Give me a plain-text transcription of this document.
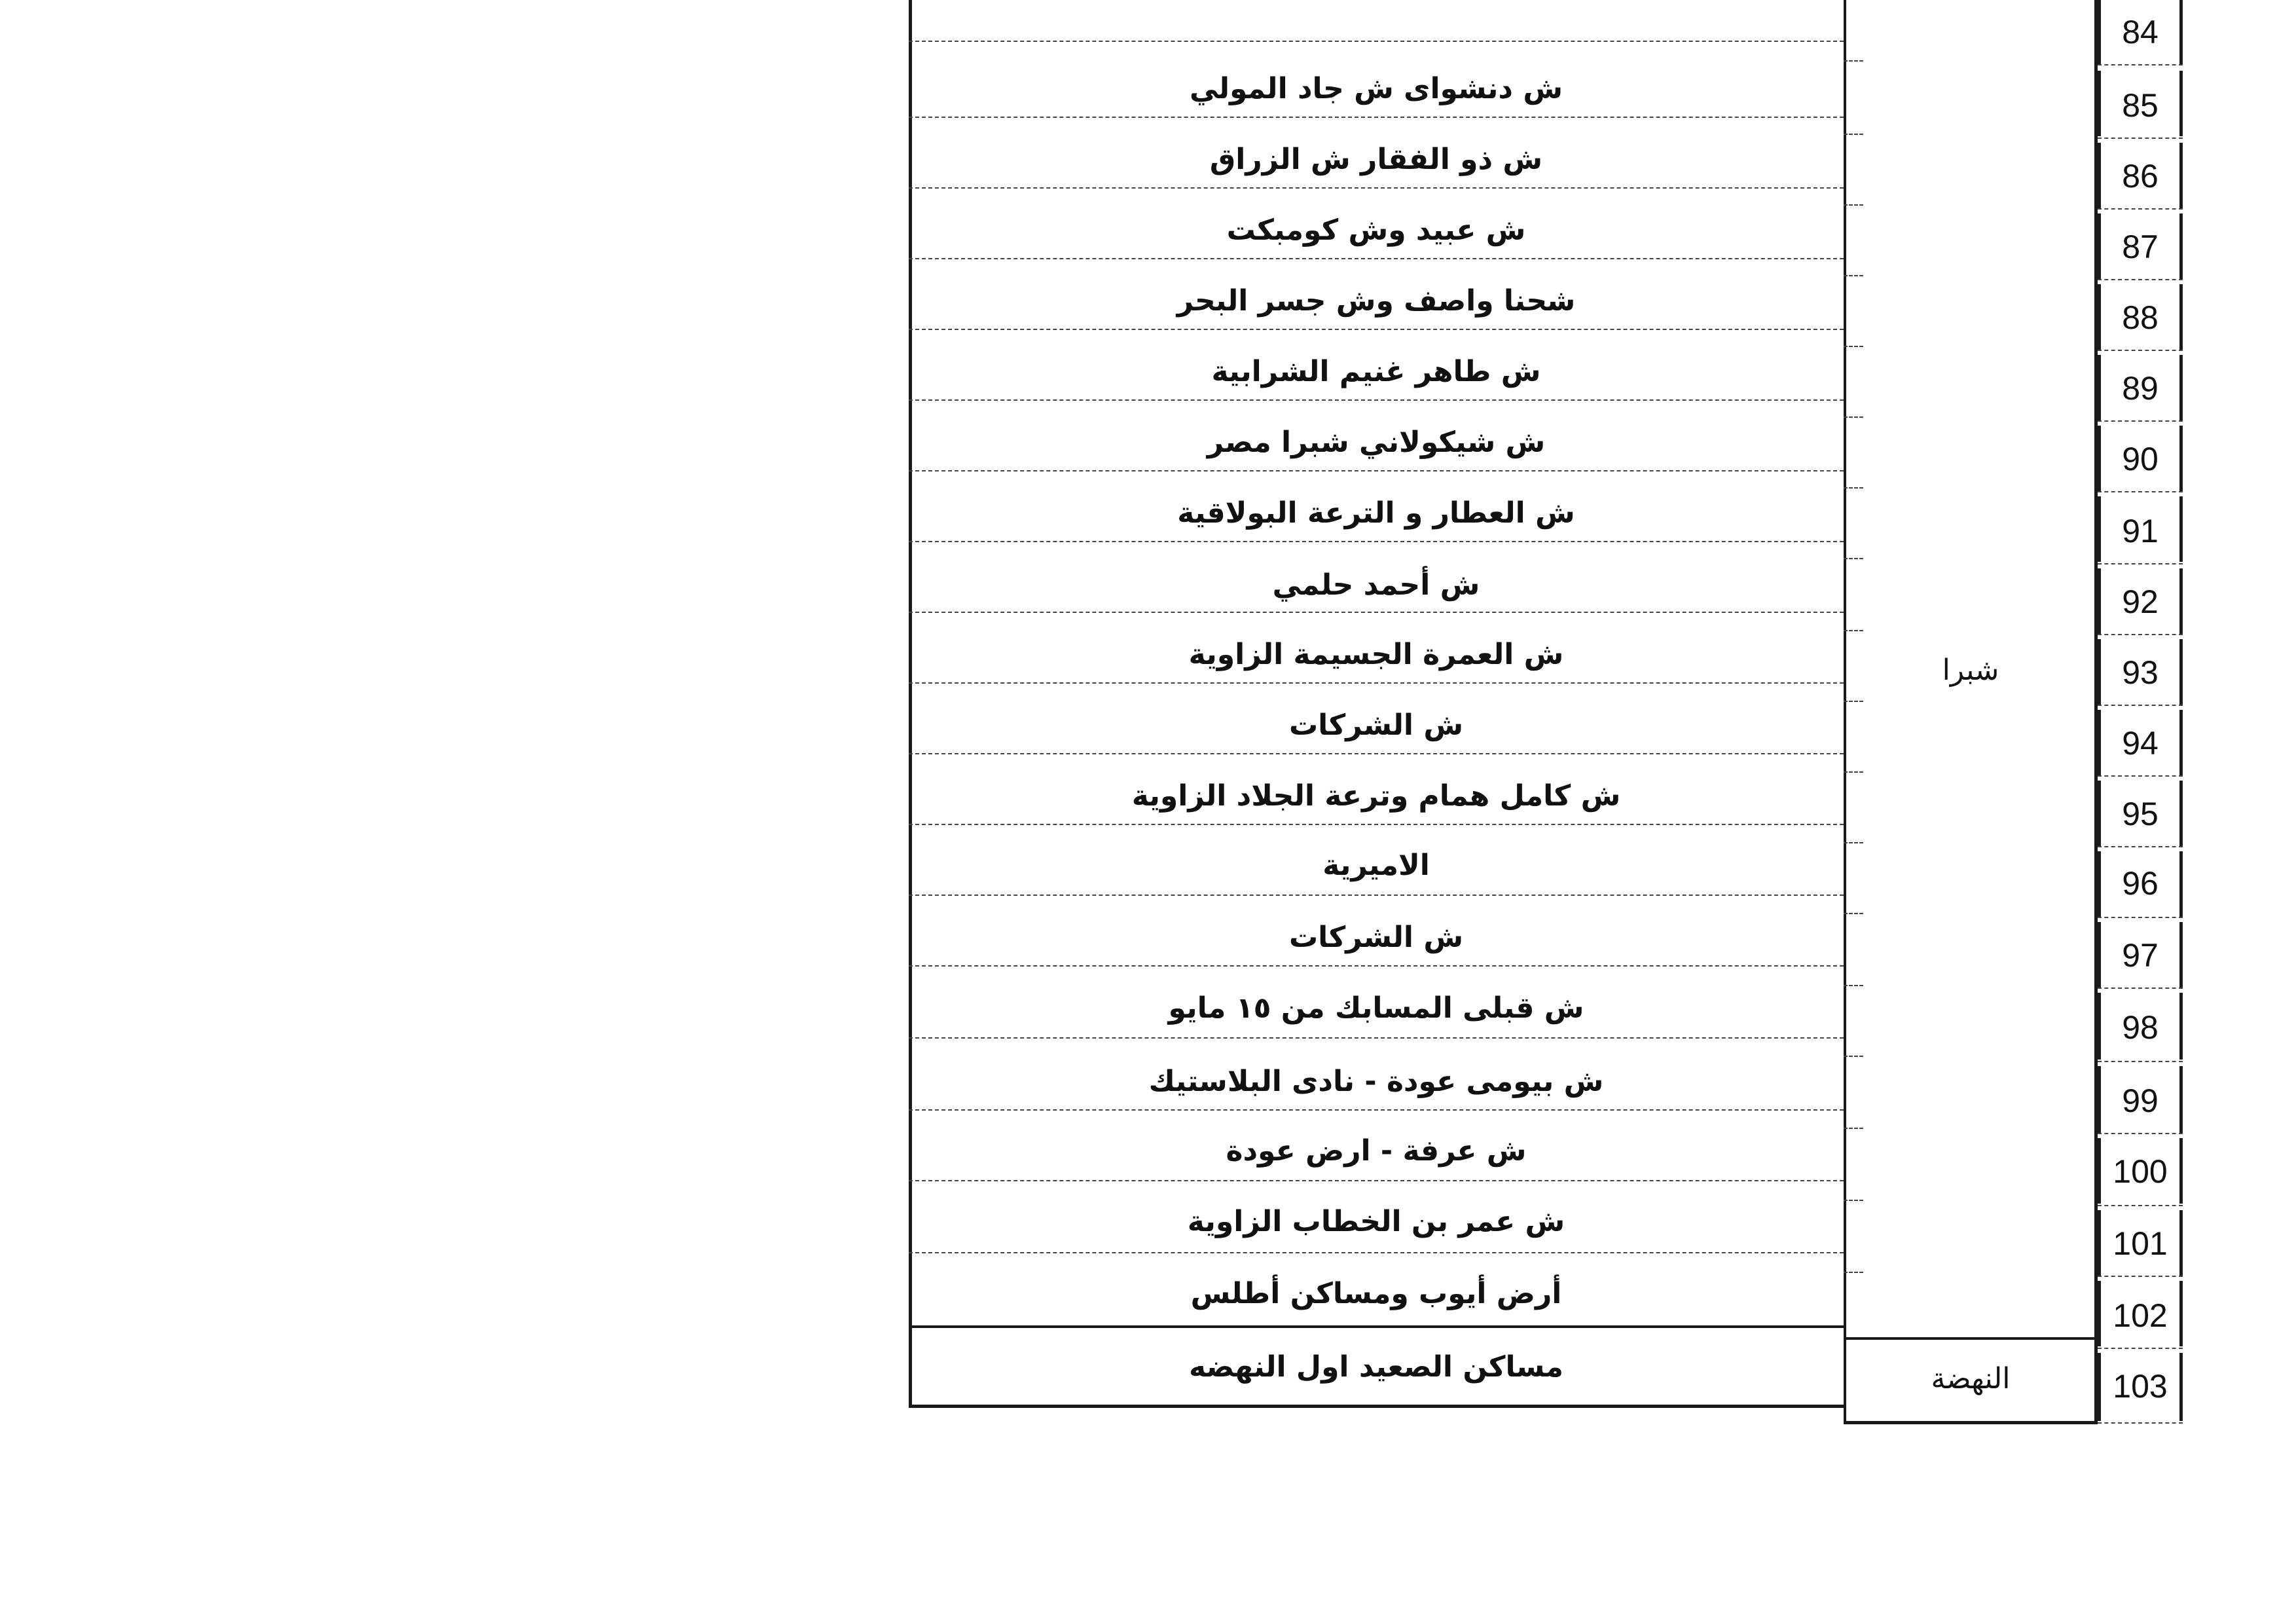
ش دنشواى ش جاد المولي
ش ذو الفقار ش الزراق
ش عبيد وش كومبكت
شحنا واصف وش جسر البحر
ش طاهر غنيم الشرابية
ش شيكولاني شبرا مصر
ش العطار و الترعة البولاقية
ش أحمد حلمي
ش العمرة الجسيمة الزاوية
ش الشركات
ش كامل همام وترعة الجلاد الزاوية
الاميرية
ش الشركات
ش قبلى المسابك من ١٥ مايو
ش بيومى عودة - نادى البلاستيك
ش عرفة - ارض عودة
ش عمر بن الخطاب الزاوية
أرض أيوب ومساكن أطلس
مساكن الصعيد اول النهضه
شبرا
النهضة
84
85
86
87
88
89
90
91
92
93
94
95
96
97
98
99
100
101
102
103
